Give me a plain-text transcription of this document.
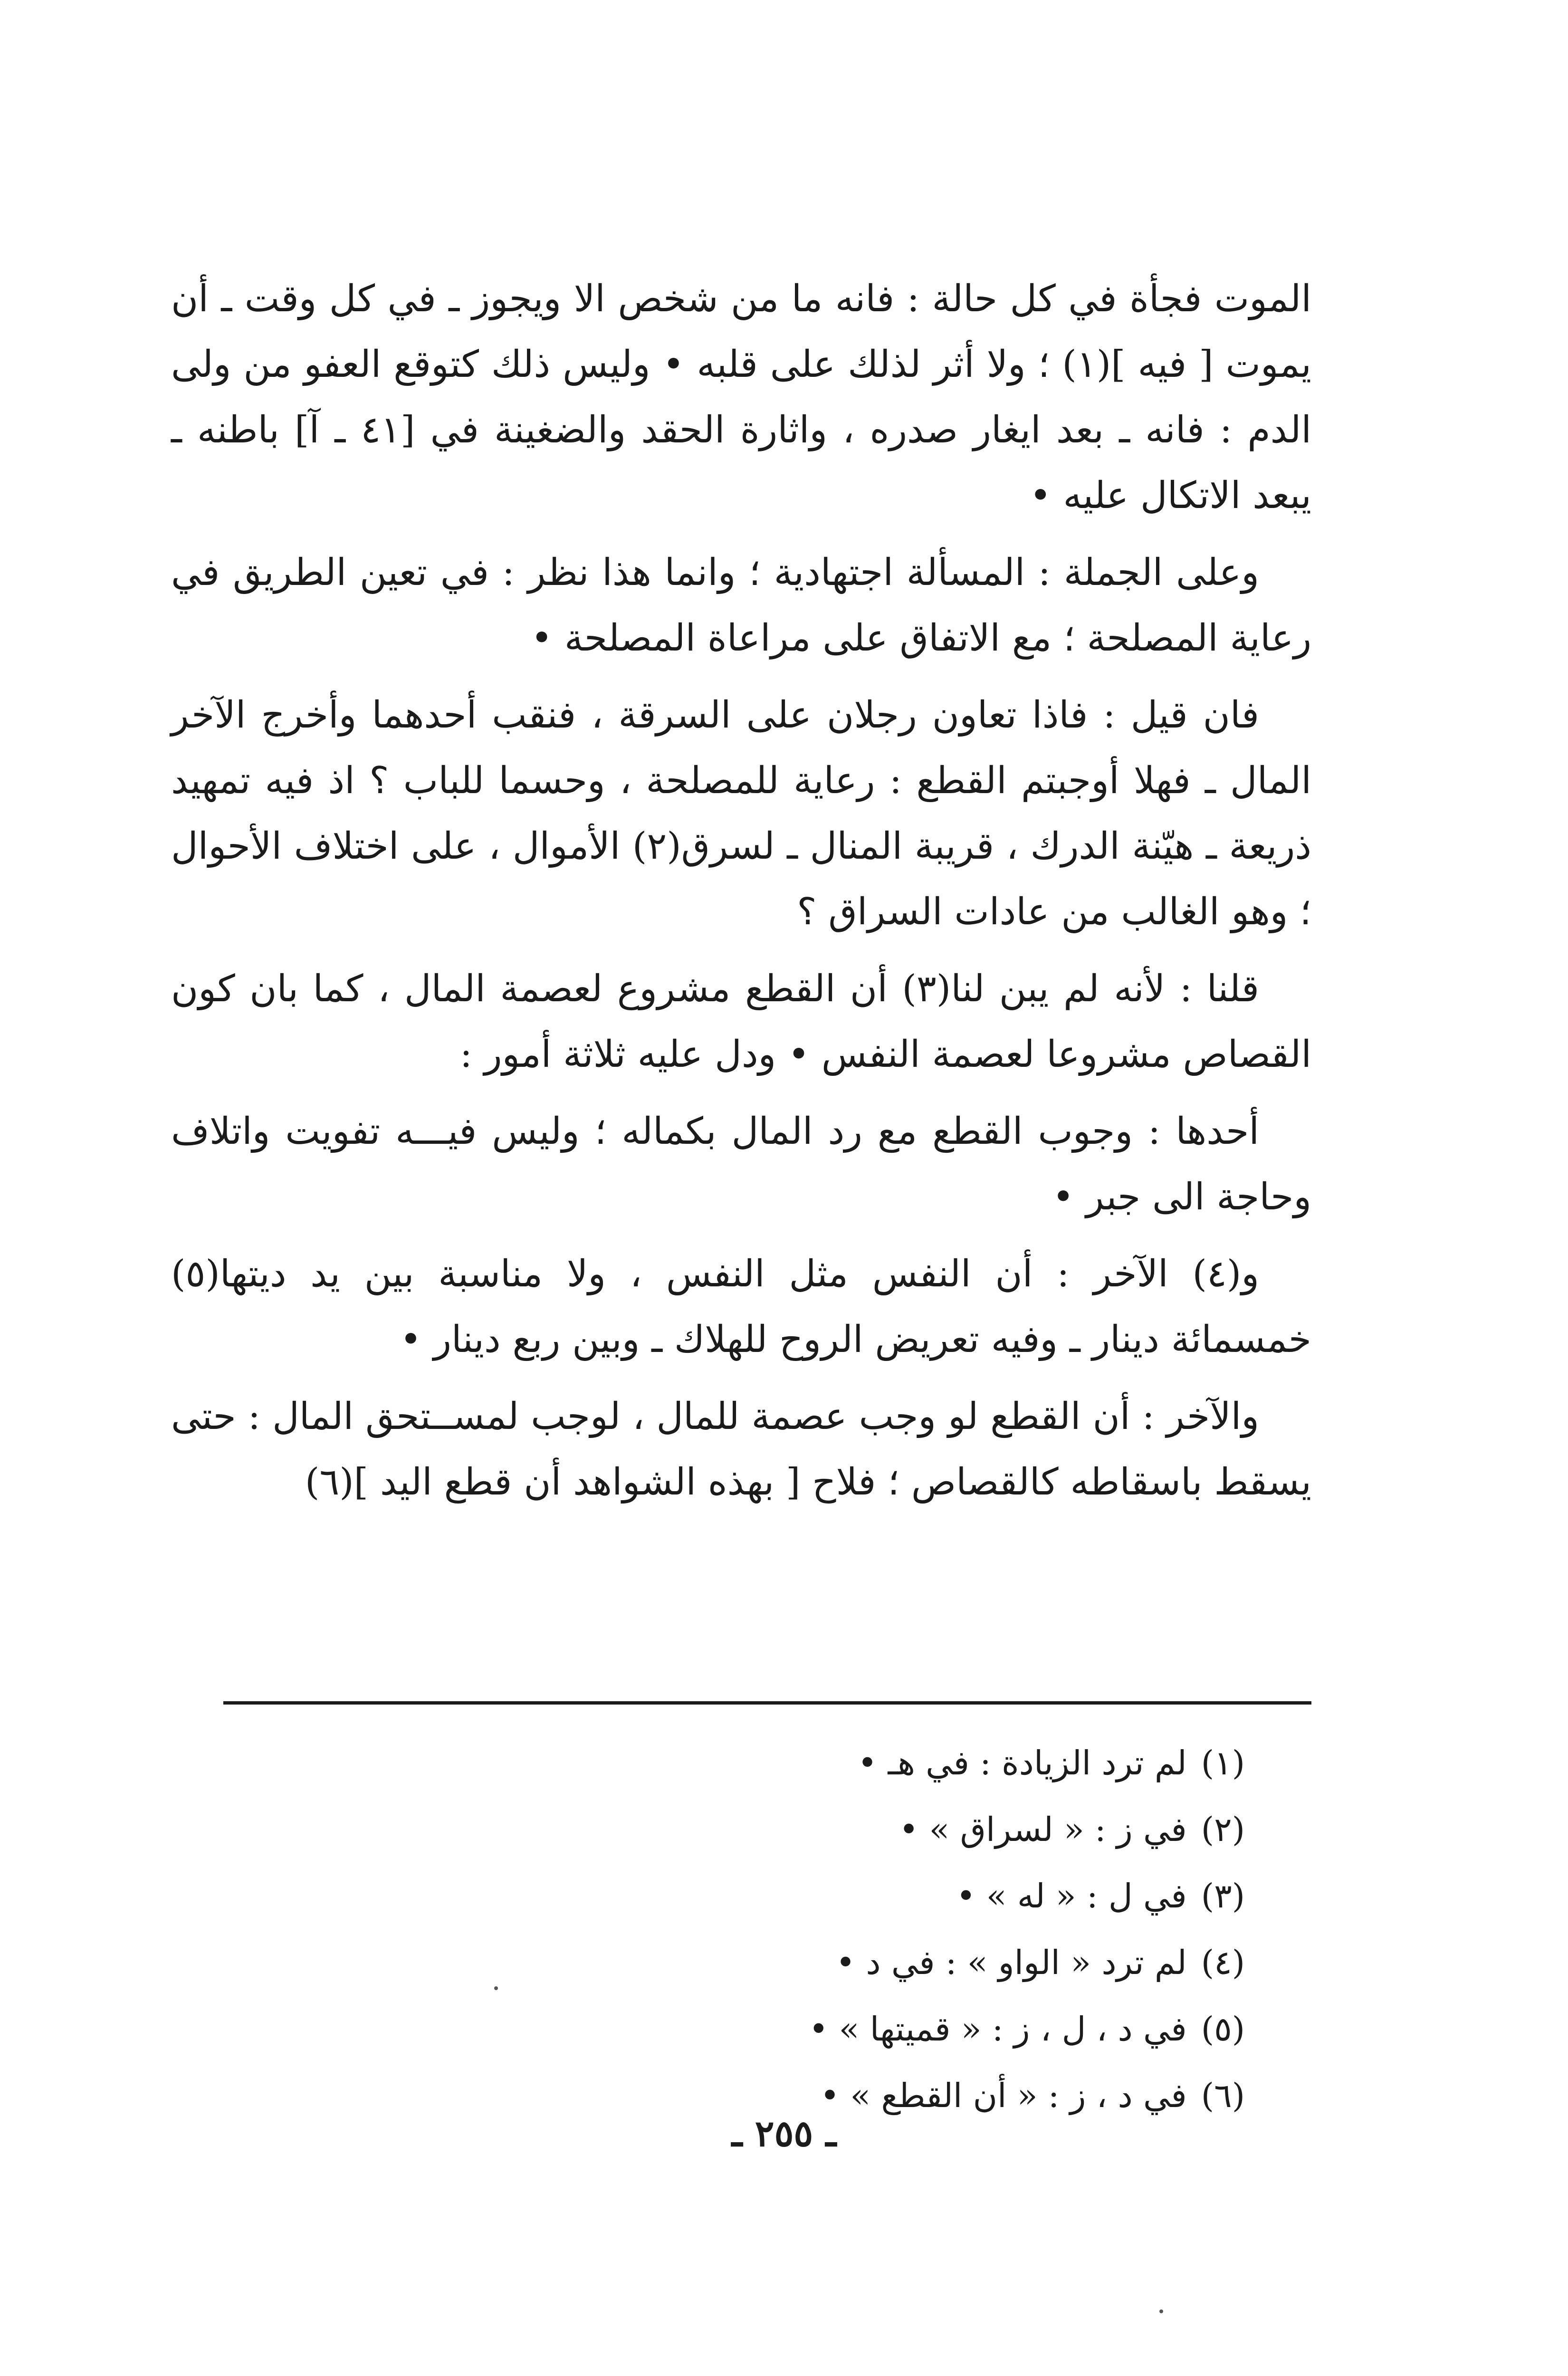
الموت فجأة في كل حالة : فانه ما من شخص الا ويجوز ـ في كل وقت ـ أن يموت [ فيه ](١) ؛ ولا أثر لذلك على قلبه • وليس ذلك كتوقع العفو من ولى الدم : فانه ـ بعد ايغار صدره ، واثارة الحقد والضغينة في [٤١ ـ آ] باطنه ـ يبعد الاتكال عليه •

وعلى الجملة : المسألة اجتهادية ؛ وانما هذا نظر : في تعين الطريق في رعاية المصلحة ؛ مع الاتفاق على مراعاة المصلحة •

فان قيل : فاذا تعاون رجلان على السرقة ، فنقب أحدهما وأخرج الآخر المال ـ فهلا أوجبتم القطع : رعاية للمصلحة ، وحسما للباب ؟ اذ فيه تمهيد ذريعة ـ هيّنة الدرك ، قريبة المنال ـ لسرق(٢) الأموال ، على اختلاف الأحوال ؛ وهو الغالب من عادات السراق ؟

قلنا : لأنه لم يبن لنا(٣) أن القطع مشروع لعصمة المال ، كما بان كون القصاص مشروعا لعصمة النفس • ودل عليه ثلاثة أمور :

أحدها : وجوب القطع مع رد المال بكماله ؛ وليس فيـــه تفويت واتلاف وحاجة الى جبر •

و(٤) الآخر : أن النفس مثل النفس ، ولا مناسبة بين يد ديتها(٥) خمسمائة دينار ـ وفيه تعريض الروح للهلاك ـ وبين ربع دينار •

والآخر : أن القطع لو وجب عصمة للمال ، لوجب لمســتحق المال : حتى يسقط باسقاطه كالقصاص ؛ فلاح [ بهذه الشواهد أن قطع اليد ](٦)

(١)لم ترد الزيادة : في هـ •
(٢)في ز : « لسراق » •
(٣)في ل : « له » •
(٤)لم ترد « الواو » : في د •
(٥)في د ، ل ، ز : « قميتها » •
(٦)في د ، ز : « أن القطع » •
ـ ٢٥٥ ـ
